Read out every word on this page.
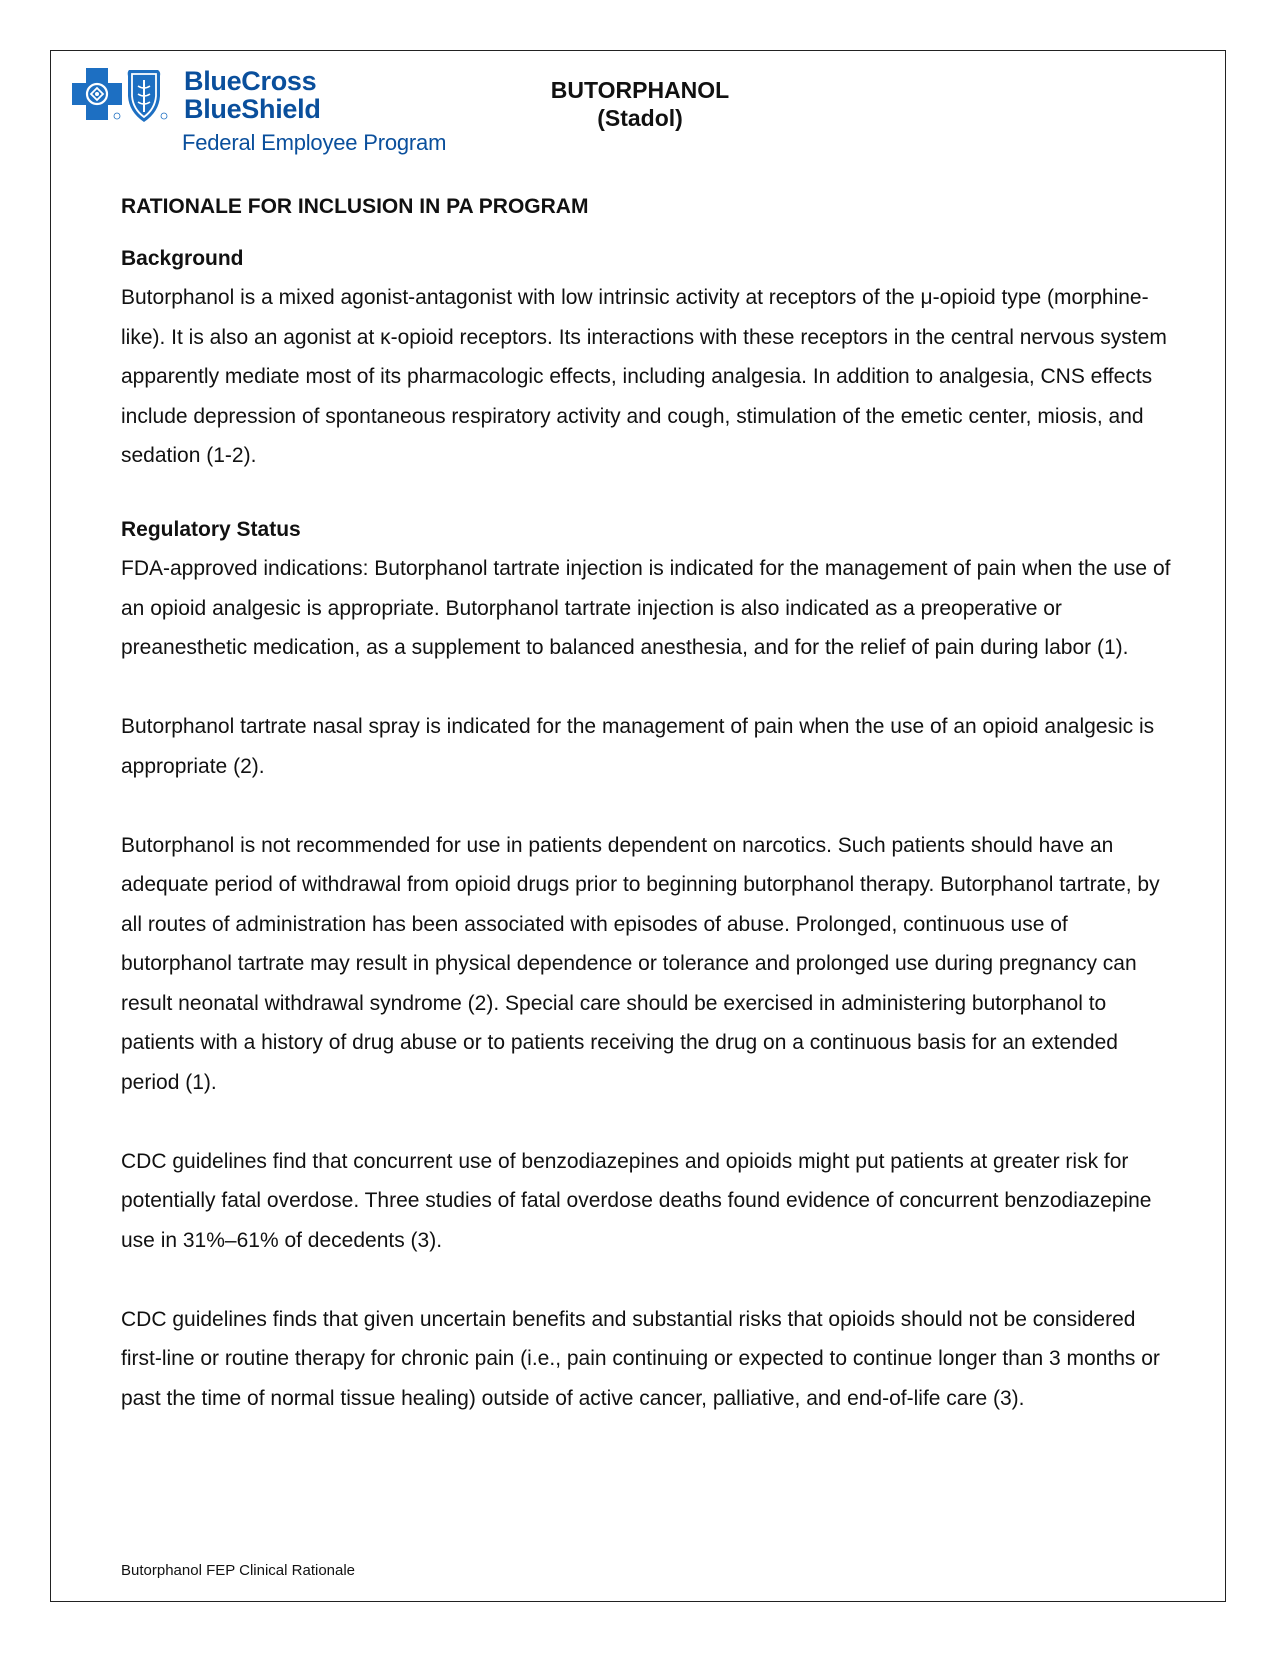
BlueCross
BlueShield
Federal Employee Program
BUTORPHANOL
(Stadol)
RATIONALE FOR INCLUSION IN PA PROGRAM
Background

Butorphanol is a mixed agonist-antagonist with low intrinsic activity at receptors of the μ-opioid type (morphine-like). It is also an agonist at κ-opioid receptors. Its interactions with these receptors in the central nervous system apparently mediate most of its pharmacologic effects, including analgesia. In addition to analgesia, CNS effects include depression of spontaneous respiratory activity and cough, stimulation of the emetic center, miosis, and sedation (1-2).

Regulatory Status

FDA-approved indications: Butorphanol tartrate injection is indicated for the management of pain when the use of an opioid analgesic is appropriate. Butorphanol tartrate injection is also indicated as a preoperative or preanesthetic medication, as a supplement to balanced anesthesia, and for the relief of pain during labor (1).

Butorphanol tartrate nasal spray is indicated for the management of pain when the use of an opioid analgesic is appropriate (2).

Butorphanol is not recommended for use in patients dependent on narcotics. Such patients should have an adequate period of withdrawal from opioid drugs prior to beginning butorphanol therapy. Butorphanol tartrate, by all routes of administration has been associated with episodes of abuse. Prolonged, continuous use of butorphanol tartrate may result in physical dependence or tolerance and prolonged use during pregnancy can result neonatal withdrawal syndrome (2). Special care should be exercised in administering butorphanol to patients with a history of drug abuse or to patients receiving the drug on a continuous basis for an extended period (1).

CDC guidelines find that concurrent use of benzodiazepines and opioids might put patients at greater risk for potentially fatal overdose. Three studies of fatal overdose deaths found evidence of concurrent benzodiazepine use in 31%–61% of decedents (3).

CDC guidelines finds that given uncertain benefits and substantial risks that opioids should not be considered first-line or routine therapy for chronic pain (i.e., pain continuing or expected to continue longer than 3 months or past the time of normal tissue healing) outside of active cancer, palliative, and end-of-life care (3).

Butorphanol FEP Clinical Rationale
